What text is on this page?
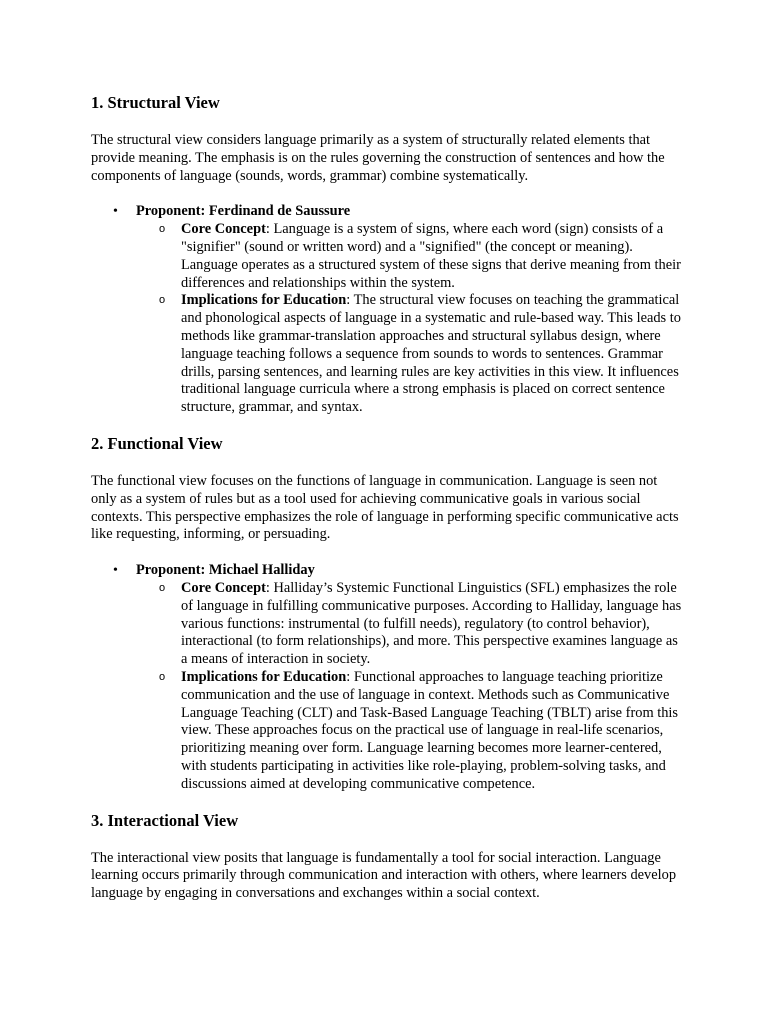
1. Structural View

The structural view considers language primarily as a system of structurally related elements that provide meaning. The emphasis is on the rules governing the construction of sentences and how the components of language (sounds, words, grammar) combine systematically.

• Proponent: Ferdinand de Saussure
o Core Concept: Language is a system of signs, where each word (sign) consists of a "signifier" (sound or written word) and a "signified" (the concept or meaning). Language operates as a structured system of these signs that derive meaning from their differences and relationships within the system.
o Implications for Education: The structural view focuses on teaching the grammatical and phonological aspects of language in a systematic and rule-based way. This leads to methods like grammar-translation approaches and structural syllabus design, where language teaching follows a sequence from sounds to words to sentences. Grammar drills, parsing sentences, and learning rules are key activities in this view. It influences traditional language curricula where a strong emphasis is placed on correct sentence structure, grammar, and syntax.
2. Functional View

The functional view focuses on the functions of language in communication. Language is seen not only as a system of rules but as a tool used for achieving communicative goals in various social contexts. This perspective emphasizes the role of language in performing specific communicative acts like requesting, informing, or persuading.

• Proponent: Michael Halliday
o Core Concept: Halliday’s Systemic Functional Linguistics (SFL) emphasizes the role of language in fulfilling communicative purposes. According to Halliday, language has various functions: instrumental (to fulfill needs), regulatory (to control behavior), interactional (to form relationships), and more. This perspective examines language as a means of interaction in society.
o Implications for Education: Functional approaches to language teaching prioritize communication and the use of language in context. Methods such as Communicative Language Teaching (CLT) and Task-Based Language Teaching (TBLT) arise from this view. These approaches focus on the practical use of language in real-life scenarios, prioritizing meaning over form. Language learning becomes more learner-centered, with students participating in activities like role-playing, problem-solving tasks, and discussions aimed at developing communicative competence.
3. Interactional View

The interactional view posits that language is fundamentally a tool for social interaction. Language learning occurs primarily through communication and interaction with others, where learners develop language by engaging in conversations and exchanges within a social context.
